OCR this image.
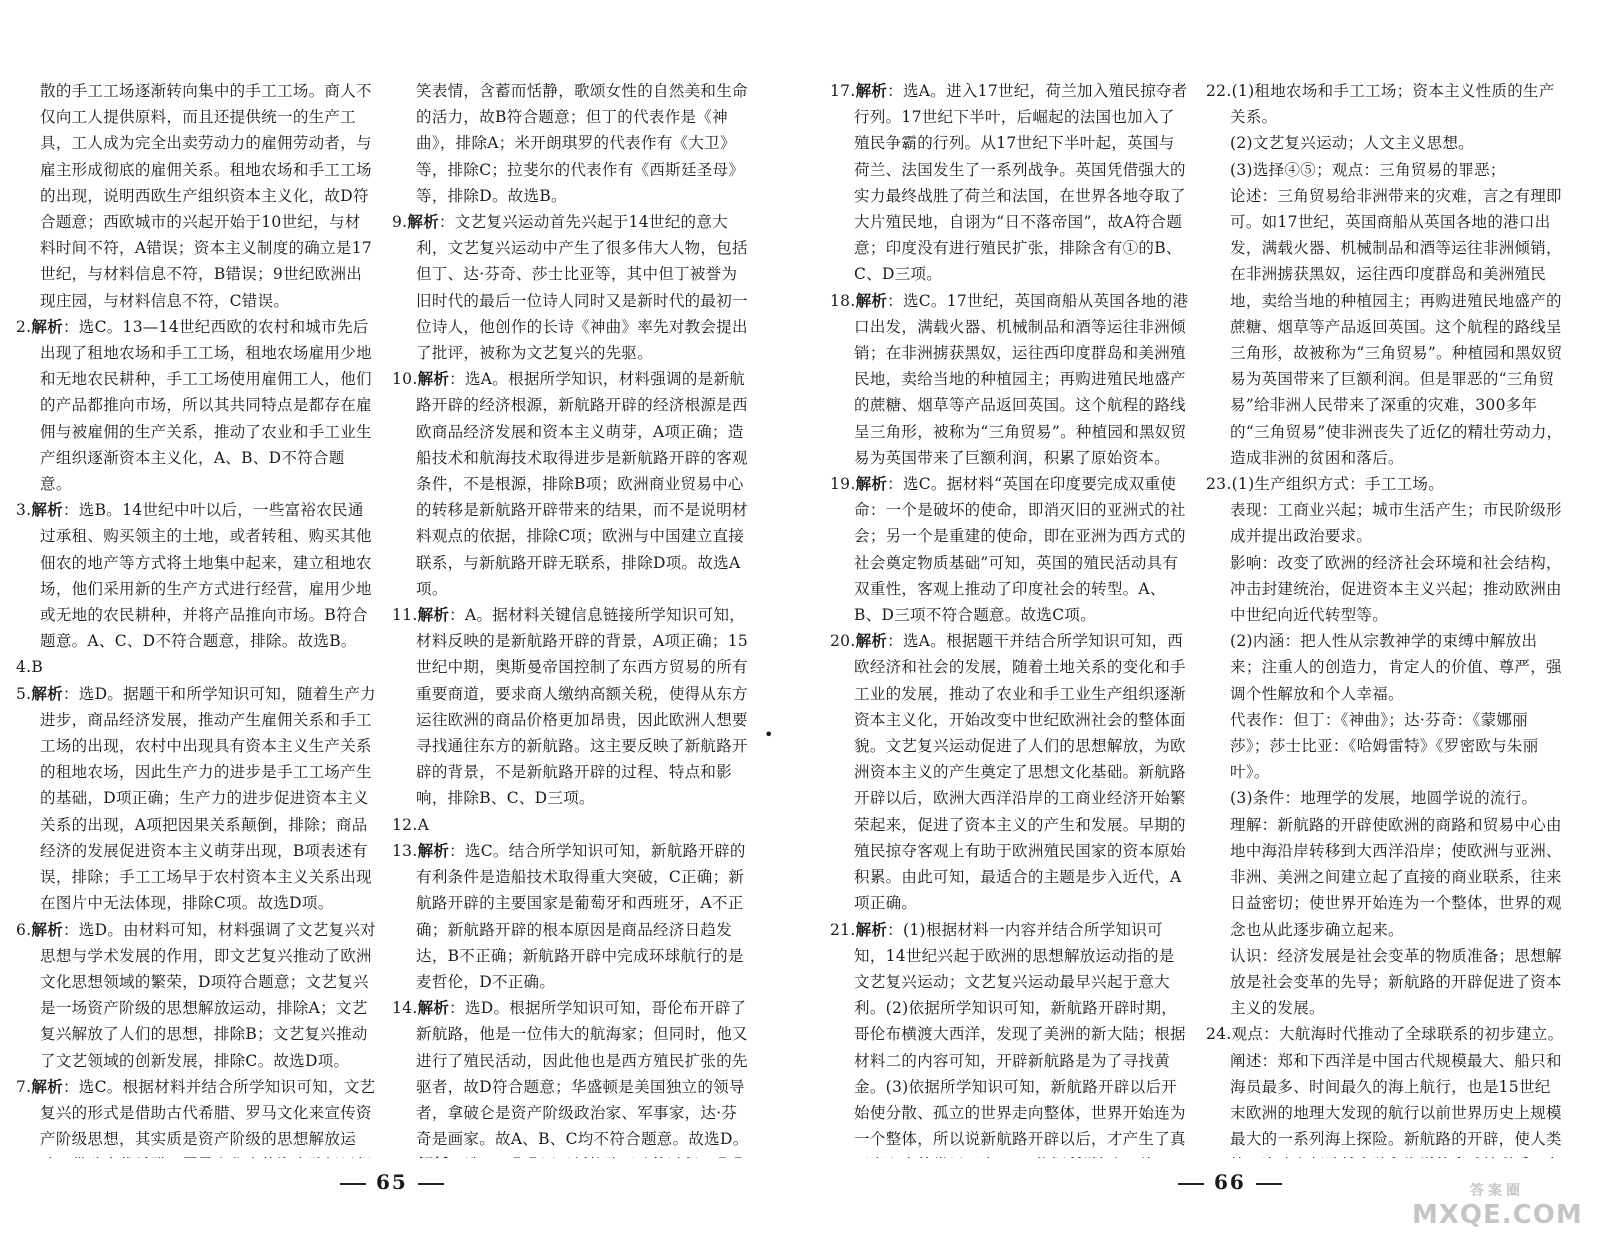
散的手工工场逐渐转向集中的手工工场。商人不仅向工人提供原料，而且还提供统一的生产工具，工人成为完全出卖劳动力的雇佣劳动者，与雇主形成彻底的雇佣关系。租地农场和手工工场的出现，说明西欧生产组织资本主义化，故D符合题意；西欧城市的兴起开始于10世纪，与材料时间不符，A错误；资本主义制度的确立是17世纪，与材料信息不符，B错误；9世纪欧洲出现庄园，与材料信息不符，C错误。

2.解析：选C。13—14世纪西欧的农村和城市先后出现了租地农场和手工工场，租地农场雇用少地和无地农民耕种，手工工场使用雇佣工人，他们的产品都推向市场，所以其共同特点是都存在雇佣与被雇佣的生产关系，推动了农业和手工业生产组织逐渐资本主义化，A、B、D不符合题意。

3.解析：选B。14世纪中叶以后，一些富裕农民通过承租、购买领主的土地，或者转租、购买其他佃农的地产等方式将土地集中起来，建立租地农场，他们采用新的生产方式进行经营，雇用少地或无地的农民耕种，并将产品推向市场。B符合题意。A、C、D不符合题意，排除。故选B。

4.B

5.解析：选D。据题干和所学知识可知，随着生产力进步，商品经济发展，推动产生雇佣关系和手工工场的出现，农村中出现具有资本主义生产关系的租地农场，因此生产力的进步是手工工场产生的基础，D项正确；生产力的进步促进资本主义关系的出现，A项把因果关系颠倒，排除；商品经济的发展促进资本主义萌芽出现，B项表述有误，排除；手工工场早于农村资本主义关系出现在图片中无法体现，排除C项。故选D项。

6.解析：选D。由材料可知，材料强调了文艺复兴对思想与学术发展的作用，即文艺复兴推动了欧洲文化思想领域的繁荣，D项符合题意；文艺复兴是一场资产阶级的思想解放运动，排除A；文艺复兴解放了人们的思想，排除B；文艺复兴推动了文艺领域的创新发展，排除C。故选D项。

7.解析：选C。根据材料并结合所学知识可知，文艺复兴的形式是借助古代希腊、罗马文化来宣传资产阶级思想，其实质是资产阶级的思想解放运

笑表情，含蓄而恬静，歌颂女性的自然美和生命的活力，故B符合题意；但丁的代表作是《神曲》，排除A；米开朗琪罗的代表作有《大卫》等，排除C；拉斐尔的代表作有《西斯廷圣母》等，排除D。故选B。

9.解析：文艺复兴运动首先兴起于14世纪的意大利，文艺复兴运动中产生了很多伟大人物，包括但丁、达·芬奇、莎士比亚等，其中但丁被誉为旧时代的最后一位诗人同时又是新时代的最初一位诗人，他创作的长诗《神曲》率先对教会提出了批评，被称为文艺复兴的先驱。

10.解析：选A。根据所学知识，材料强调的是新航路开辟的经济根源，新航路开辟的经济根源是西欧商品经济发展和资本主义萌芽，A项正确；造船技术和航海技术取得进步是新航路开辟的客观条件，不是根源，排除B项；欧洲商业贸易中心的转移是新航路开辟带来的结果，而不是说明材料观点的依据，排除C项；欧洲与中国建立直接联系，与新航路开辟无联系，排除D项。故选A项。

11.解析：A。据材料关键信息链接所学知识可知，材料反映的是新航路开辟的背景，A项正确；15世纪中期，奥斯曼帝国控制了东西方贸易的所有重要商道，要求商人缴纳高额关税，使得从东方运往欧洲的商品价格更加昂贵，因此欧洲人想要寻找通往东方的新航路。这主要反映了新航路开辟的背景，不是新航路开辟的过程、特点和影响，排除B、C、D三项。

12.A

13.解析：选C。结合所学知识可知，新航路开辟的有利条件是造船技术取得重大突破，C正确；新航路开辟的主要国家是葡萄牙和西班牙，A不正确；新航路开辟的根本原因是商品经济日趋发达，B不正确；新航路开辟中完成环球航行的是麦哲伦，D不正确。

14.解析：选D。根据所学知识可知，哥伦布开辟了新航路，他是一位伟大的航海家；但同时，他又进行了殖民活动，因此他也是西方殖民扩张的先驱者，故D符合题意；华盛顿是美国独立的领导者，拿破仑是资产阶级政治家、军事家，达·芬奇是画家。故A、B、C均不符合题意。故选D。

17.解析：选A。进入17世纪，荷兰加入殖民掠夺者行列。17世纪下半叶，后崛起的法国也加入了殖民争霸的行列。从17世纪下半叶起，英国与荷兰、法国发生了一系列战争。英国凭借强大的实力最终战胜了荷兰和法国，在世界各地夺取了大片殖民地，自诩为“日不落帝国”，故A符合题意；印度没有进行殖民扩张，排除含有①的B、C、D三项。

18.解析：选C。17世纪，英国商船从英国各地的港口出发，满载火器、机械制品和酒等运往非洲倾销；在非洲掳获黑奴，运往西印度群岛和美洲殖民地，卖给当地的种植园主；再购进殖民地盛产的蔗糖、烟草等产品返回英国。这个航程的路线呈三角形，被称为“三角贸易”。种植园和黑奴贸易为英国带来了巨额利润，积累了原始资本。

19.解析：选C。据材料“英国在印度要完成双重使命：一个是破坏的使命，即消灭旧的亚洲式的社会；另一个是重建的使命，即在亚洲为西方式的社会奠定物质基础”可知，英国的殖民活动具有双重性，客观上推动了印度社会的转型。A、B、D三项不符合题意。故选C项。

20.解析：选A。根据题干并结合所学知识可知，西欧经济和社会的发展，随着土地关系的变化和手工业的发展，推动了农业和手工业生产组织逐渐资本主义化，开始改变中世纪欧洲社会的整体面貌。文艺复兴运动促进了人们的思想解放，为欧洲资本主义的产生奠定了思想文化基础。新航路开辟以后，欧洲大西洋沿岸的工商业经济开始繁荣起来，促进了资本主义的产生和发展。早期的殖民掠夺客观上有助于欧洲殖民国家的资本原始积累。由此可知，最适合的主题是步入近代，A项正确。

21.解析：(1)根据材料一内容并结合所学知识可知，14世纪兴起于欧洲的思想解放运动指的是文艺复兴运动；文艺复兴运动最早兴起于意大利。(2)依据所学知识可知，新航路开辟时期，哥伦布横渡大西洋，发现了美洲的新大陆；根据材料二的内容可知，开辟新航路是为了寻找黄金。(3)依据所学知识可知，新航路开辟以后开始使分散、孤立的世界走向整体，世界开始连为一个整体，所以说新航路开辟以后，才产生了真

22.(1)租地农场和手工工场；资本主义性质的生产关系。

(2)文艺复兴运动；人文主义思想。

(3)选择④⑤；观点：三角贸易的罪恶；

论述：三角贸易给非洲带来的灾难，言之有理即可。如17世纪，英国商船从英国各地的港口出发，满载火器、机械制品和酒等运往非洲倾销，在非洲掳获黑奴，运往西印度群岛和美洲殖民地，卖给当地的种植园主；再购进殖民地盛产的蔗糖、烟草等产品返回英国。这个航程的路线呈三角形，故被称为“三角贸易”。种植园和黑奴贸易为英国带来了巨额利润。但是罪恶的“三角贸易”给非洲人民带来了深重的灾难，300多年的“三角贸易”使非洲丧失了近亿的精壮劳动力，造成非洲的贫困和落后。

23.(1)生产组织方式：手工工场。

表现：工商业兴起；城市生活产生；市民阶级形成并提出政治要求。

影响：改变了欧洲的经济社会环境和社会结构，冲击封建统治，促进资本主义兴起；推动欧洲由中世纪向近代转型等。

(2)内涵：把人性从宗教神学的束缚中解放出来；注重人的创造力，肯定人的价值、尊严，强调个性解放和个人幸福。

代表作：但丁：《神曲》；达·芬奇：《蒙娜丽莎》；莎士比亚：《哈姆雷特》《罗密欧与朱丽叶》。

(3)条件：地理学的发展，地圆学说的流行。

理解：新航路的开辟使欧洲的商路和贸易中心由地中海沿岸转移到大西洋沿岸；使欧洲与亚洲、非洲、美洲之间建立起了直接的商业联系，往来日益密切；使世界开始连为一个整体，世界的观念也从此逐步确立起来。

认识：经济发展是社会变革的物质准备；思想解放是社会变革的先导；新航路的开辟促进了资本主义的发展。

24.观点：大航海时代推动了全球联系的初步建立。

阐述：郑和下西洋是中国古代规模最大、船只和海员最多、时间最久的海上航行，也是15世纪末欧洲的地理大发现的航行以前世界历史上规模最大的一系列海上探险。新航路的开辟，使人类

•
65	66	答案圈
MXQE.COM
